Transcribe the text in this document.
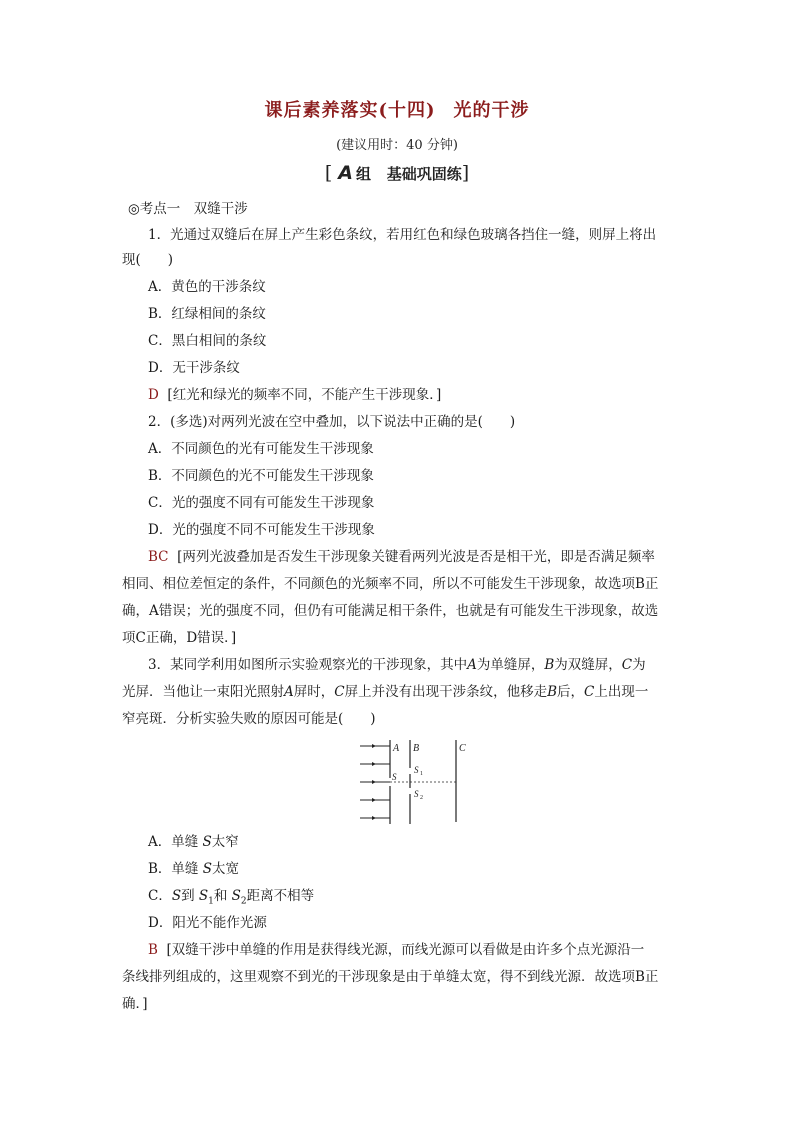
课后素养落实(十四) 光的干涉
(建议用时：40 分钟)
[ A 组 基础巩固练]
◎考点一　双缝干涉
1．光通过双缝后在屏上产生彩色条纹，若用红色和绿色玻璃各挡住一缝，则屏上将出
现(　　)
A．黄色的干涉条纹
B．红绿相间的条纹
C．黑白相间的条纹
D．无干涉条纹
D [红光和绿光的频率不同，不能产生干涉现象．]
2．(多选)对两列光波在空中叠加，以下说法中正确的是(　　)
A．不同颜色的光有可能发生干涉现象
B．不同颜色的光不可能发生干涉现象
C．光的强度不同有可能发生干涉现象
D．光的强度不同不可能发生干涉现象
BC [两列光波叠加是否发生干涉现象关键看两列光波是否是相干光，即是否满足频率
相同、相位差恒定的条件，不同颜色的光频率不同，所以不可能发生干涉现象，故选项B正
确，A错误；光的强度不同，但仍有可能满足相干条件，也就是有可能发生干涉现象，故选
项C正确，D错误．]
3．某同学利用如图所示实验观察光的干涉现象，其中A为单缝屏，B为双缝屏，C为
光屏．当他让一束阳光照射A屏时，C屏上并没有出现干涉条纹，他移走B后，C上出现一
窄亮斑．分析实验失败的原因可能是(　　)
A B	C
S
S 1
S 2
A．单缝 S太窄
B．单缝 S太宽
C．S到 $S_1$和 $S_2$距离不相等
D．阳光不能作光源
B [双缝干涉中单缝的作用是获得线光源，而线光源可以看做是由许多个点光源沿一
条线排列组成的，这里观察不到光的干涉现象是由于单缝太宽，得不到线光源．故选项B正
确．]
